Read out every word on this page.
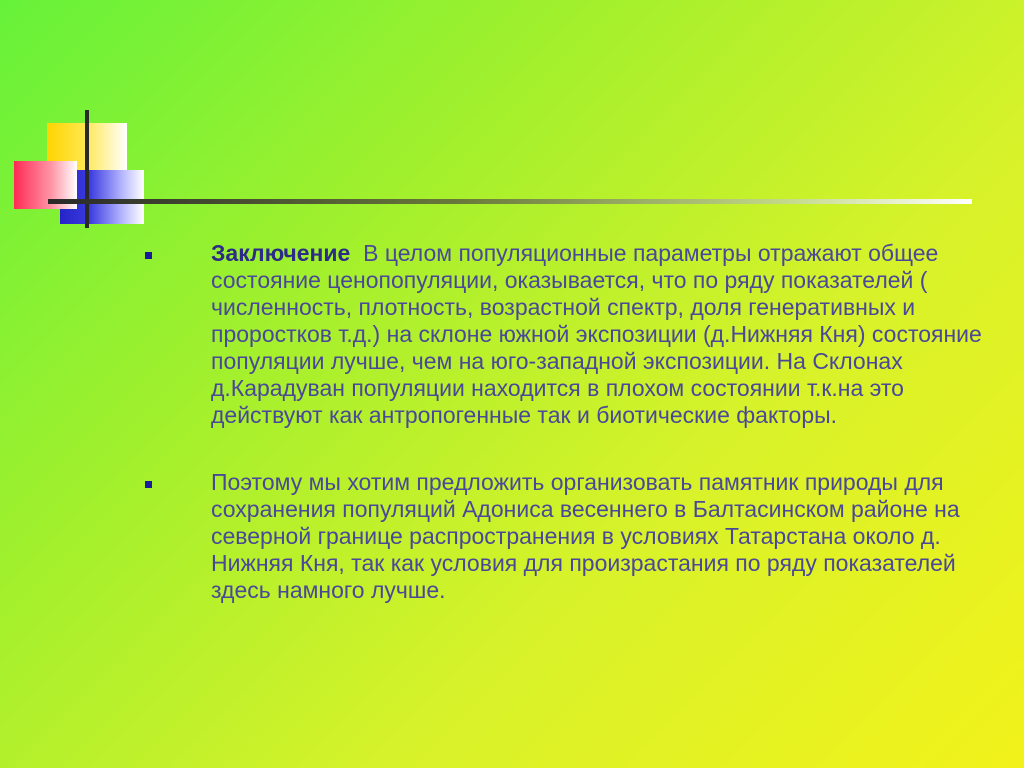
Заключение В целом популяционные параметры отражают общее состояние ценопопуляции, оказывается, что по ряду показателей ( численность, плотность, возрастной спектр, доля генеративных и проростков т.д.) на склоне южной экспозиции (д.Нижняя Кня) состояние популяции лучше, чем на юго-западной экспозиции. На Склонах д.Карадуван популяции находится в плохом состоянии т.к.на это действуют как антропогенные так и биотические факторы.

Поэтому мы хотим предложить организовать памятник природы для сохранения популяций Адониса весеннего в Балтасинском районе на северной границе распространения в условиях Татарстана около д. Нижняя Кня, так как условия для произрастания по ряду показателей здесь намного лучше.
